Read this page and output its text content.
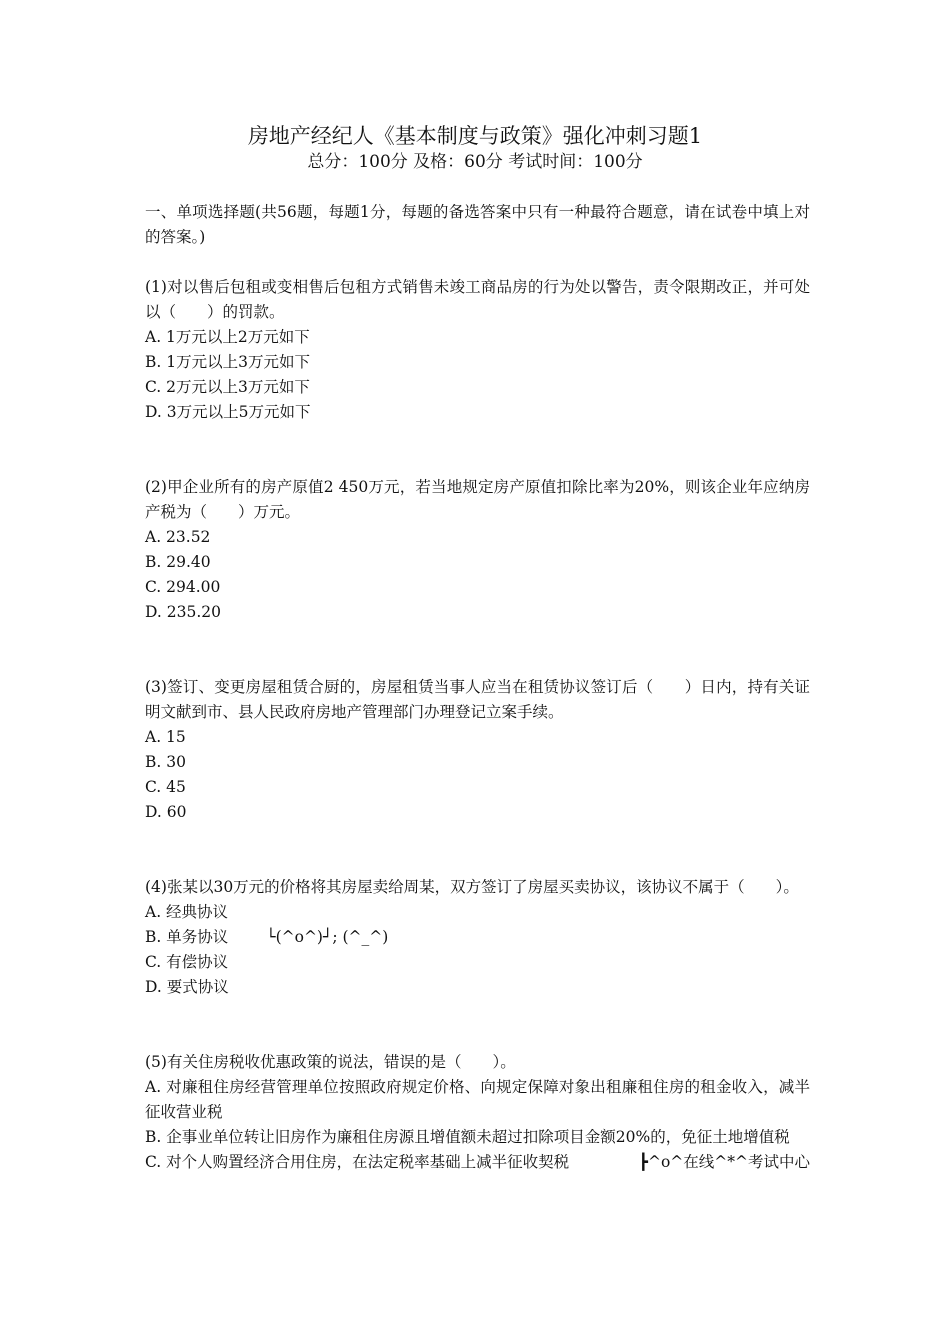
房地产经纪人《基本制度与政策》强化冲刺习题1
总分：100分 及格：60分 考试时间：100分

一、单项选择题(共56题，每题1分，每题的备选答案中只有一种最符合题意，请在试卷中填上对的答案。)

(1)对以售后包租或变相售后包租方式销售未竣工商品房的行为处以警告，责令限期改正，并可处以（　　）的罚款。

A. 1万元以上2万元如下

B. 1万元以上3万元如下

C. 2万元以上3万元如下

D. 3万元以上5万元如下

(2)甲企业所有的房产原值2 450万元，若当地规定房产原值扣除比率为20%，则该企业年应纳房产税为（　　）万元。

A. 23.52

B. 29.40

C. 294.00

D. 235.20

(3)签订、变更房屋租赁合厨的，房屋租赁当事人应当在租赁协议签订后（　　）日内，持有关证明文献到市、县人民政府房地产管理部门办理登记立案手续。

A. 15

B. 30

C. 45

D. 60

(4)张某以30万元的价格将其房屋卖给周某，双方签订了房屋买卖协议，该协议不属于（　　）。

A. 经典协议

B. 单务协议 └(^o^)┘; (^_^)

C. 有偿协议

D. 要式协议

(5)有关住房税收优惠政策的说法，错误的是（　　）。

A. 对廉租住房经营管理单位按照政府规定价格、向规定保障对象出租廉租住房的租金收入，减半征收营业税

B. 企事业单位转让旧房作为廉租住房源且增值额未超过扣除项目金额20%的，免征土地增值税

C. 对个人购置经济合用住房，在法定税率基础上减半征收契税	┣^o^在线^*^考试中心
